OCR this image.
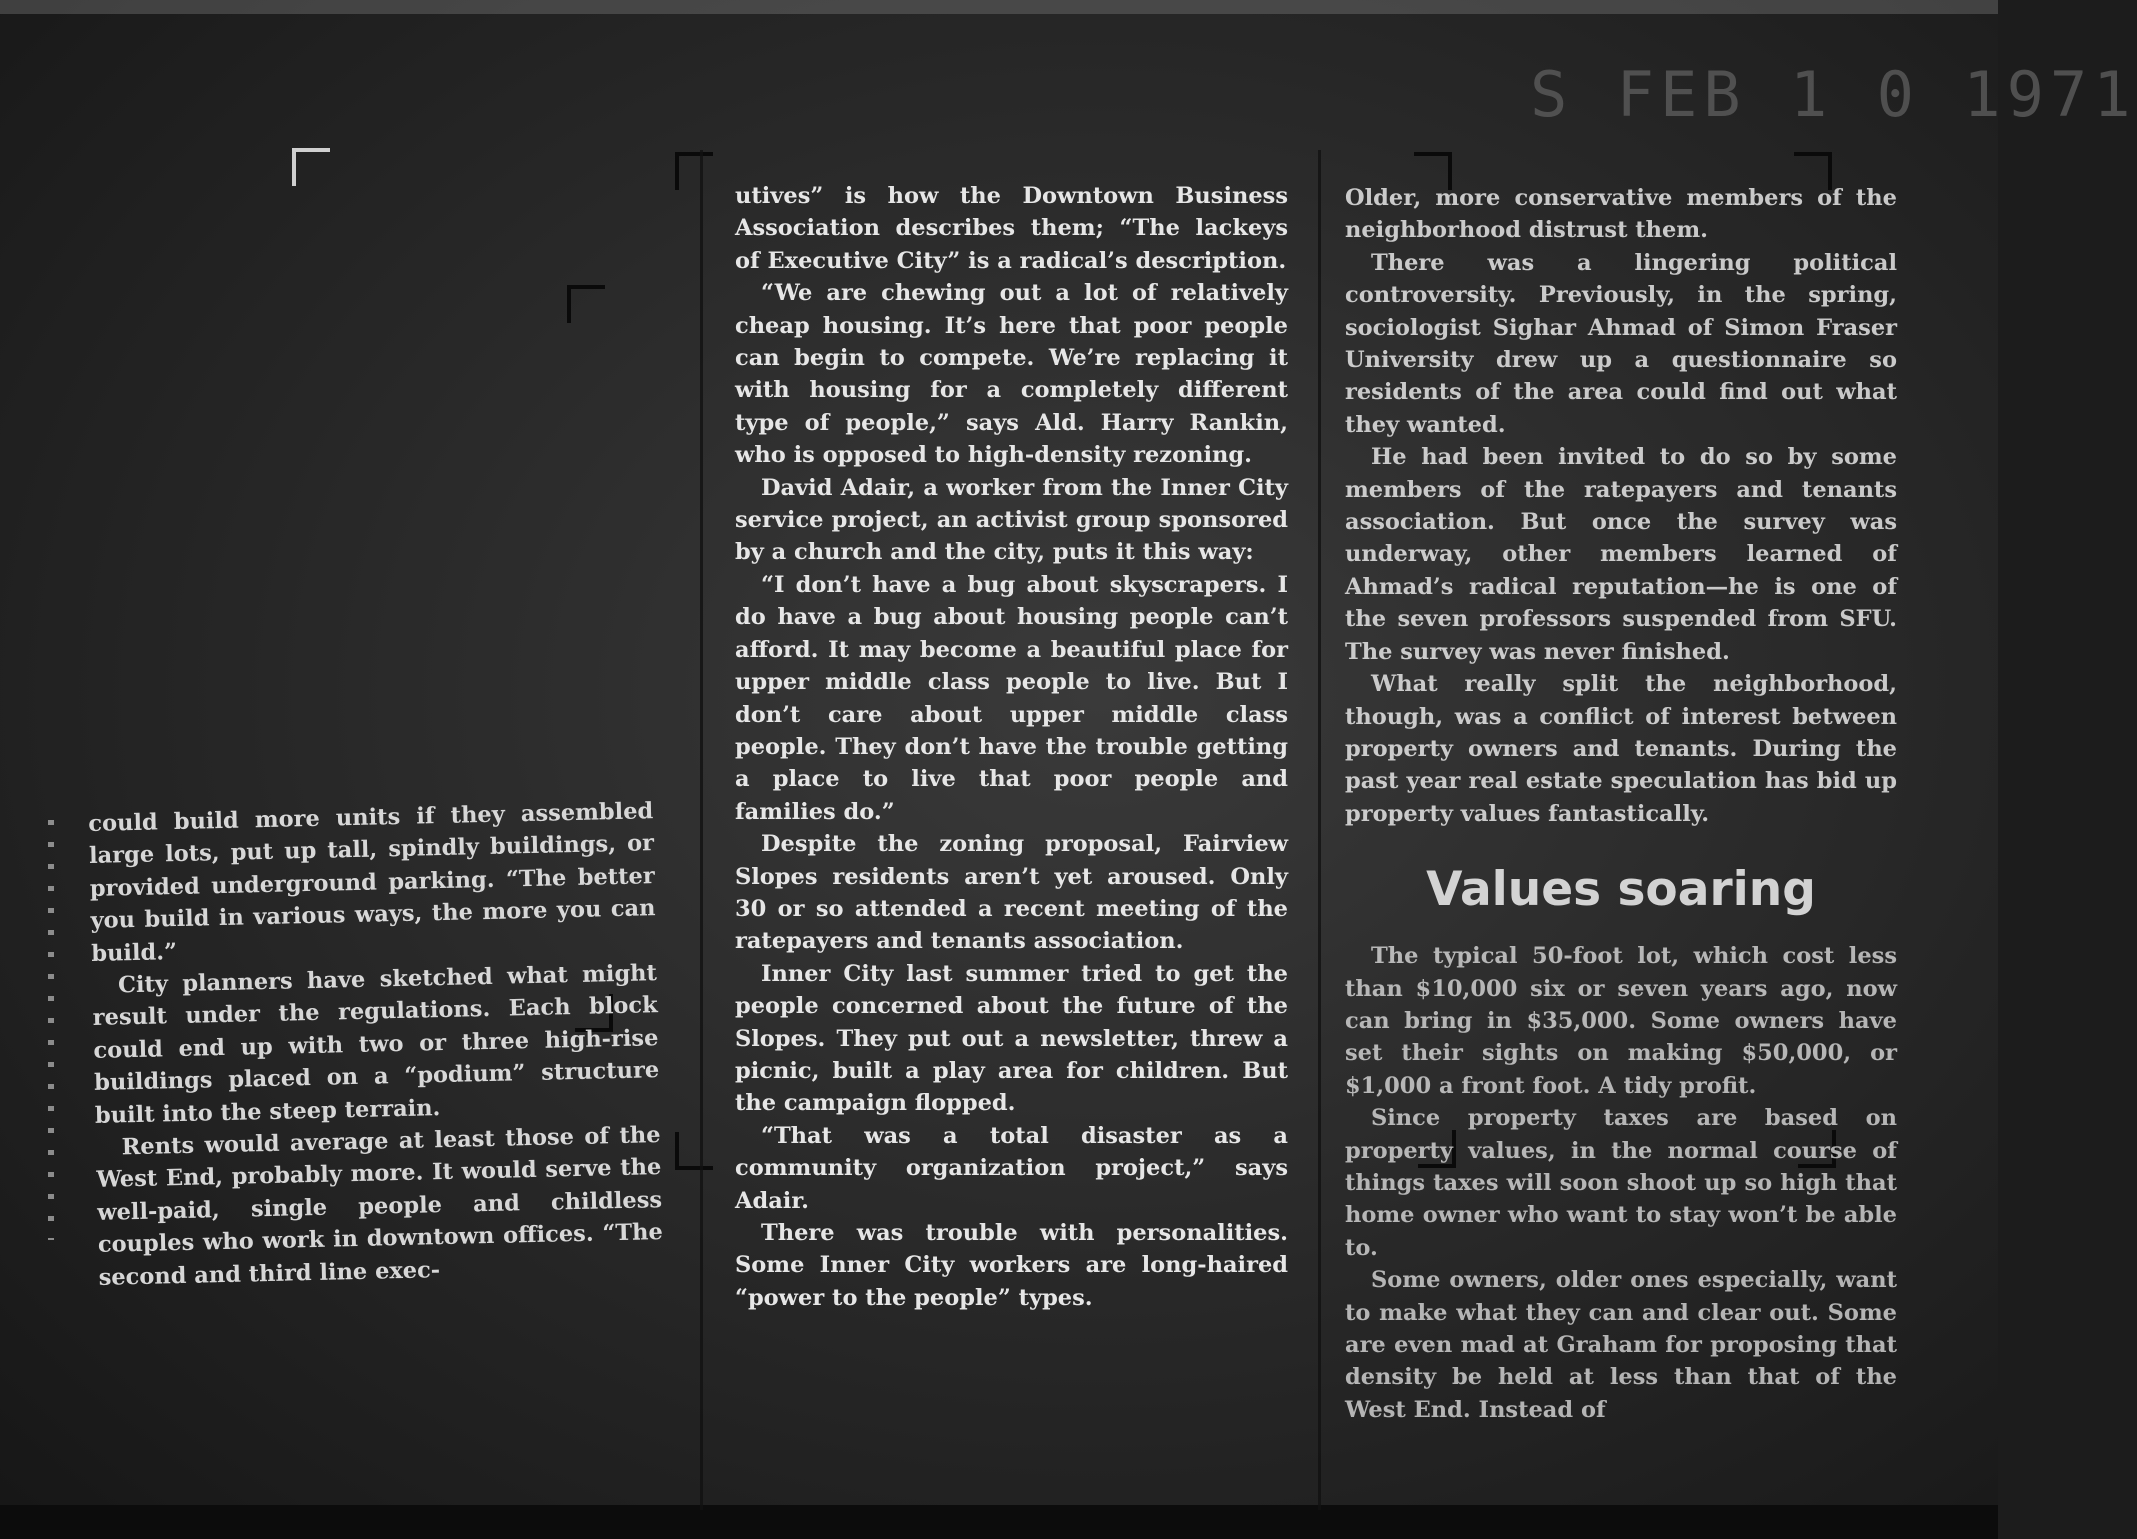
S FEB 1 0 1971

could build more units if they assembled large lots, put up tall, spindly buildings, or provided underground parking. “The better you build in various ways, the more you can build.”

City planners have sketched what might result under the regulations. Each block could end up with two or three high-rise buildings placed on a “podium” structure built into the steep terrain.

Rents would average at least those of the West End, probably more. It would serve the well-paid, single people and childless couples who work in downtown offices. “The second and third line exec-

utives” is how the Downtown Business Association describes them; “The lackeys of Executive City” is a radical’s description.

“We are chewing out a lot of relatively cheap housing. It’s here that poor people can begin to compete. We’re replacing it with housing for a completely different type of people,” says Ald. Harry Rankin, who is opposed to high-density rezoning.

David Adair, a worker from the Inner City service project, an activist group sponsored by a church and the city, puts it this way:

“I don’t have a bug about skyscrapers. I do have a bug about housing people can’t afford. It may become a beautiful place for upper middle class people to live. But I don’t care about upper middle class people. They don’t have the trouble getting a place to live that poor people and families do.”

Despite the zoning proposal, Fairview Slopes residents aren’t yet aroused. Only 30 or so attended a recent meeting of the ratepayers and tenants association.

Inner City last summer tried to get the people concerned about the future of the Slopes. They put out a newsletter, threw a picnic, built a play area for children. But the campaign flopped.

“That was a total disaster as a community organization project,” says Adair.

There was trouble with personalities. Some Inner City workers are long-haired “power to the people” types.

Older, more conservative members of the neighborhood distrust them.

There was a lingering political controversity. Previously, in the spring, sociologist Sighar Ahmad of Simon Fraser University drew up a questionnaire so residents of the area could find out what they wanted.

He had been invited to do so by some members of the ratepayers and tenants association. But once the survey was underway, other members learned of Ahmad’s radical reputation—he is one of the seven professors suspended from SFU. The survey was never finished.

What really split the neighborhood, though, was a conflict of interest between property owners and tenants. During the past year real estate speculation has bid up property values fantastically.

Values soaring

The typical 50-foot lot, which cost less than $10,000 six or seven years ago, now can bring in $35,000. Some owners have set their sights on making $50,000, or $1,000 a front foot. A tidy profit.

Since property taxes are based on property values, in the normal course of things taxes will soon shoot up so high that home owner who want to stay won’t be able to.

Some owners, older ones especially, want to make what they can and clear out. Some are even mad at Graham for proposing that density be held at less than that of the West End. Instead of
